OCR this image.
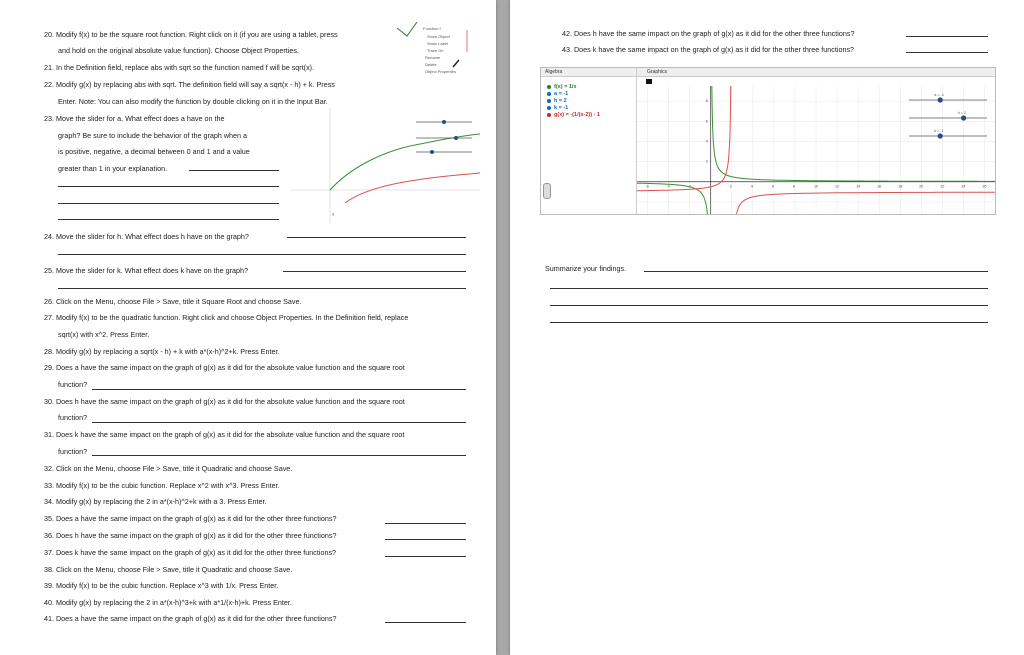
20. Modify f(x) to be the square root function. Right click on it (if you are using a tablet, press
and hold on the original absolute value function). Choose Object Properties.
21. In the Definition field, replace abs with sqrt so the function named f will be sqrt(x).
22. Modify g(x) by replacing abs with sqrt. The definition field will say a sqrt(x - h) + k. Press
Enter. Note: You can also modify the function by double clicking on it in the Input Bar.
23. Move the slider for a. What effect does a have on the
graph? Be sure to include the behavior of the graph when a
is positive, negative, a decimal between 0 and 1 and a value
greater than 1 in your explanation.
24. Move the slider for h. What effect does h have on the graph?
25. Move the slider for k. What effect does k have on the graph?
26. Click on the Menu, choose File > Save, title it Square Root and choose Save.
27. Modify f(x) to be the quadratic function. Right click and choose Object Properties. In the Definition field, replace
sqrt(x) with x^2. Press Enter.
28. Modify g(x) by replacing a sqrt(x - h) + k with a*(x-h)^2+k. Press Enter.
29. Does a have the same impact on the graph of g(x) as it did for the absolute value function and the square root
function?
30. Does h have the same impact on the graph of g(x) as it did for the absolute value function and the square root
function?
31. Does k have the same impact on the graph of g(x) as it did for the absolute value function and the square root
function?
32. Click on the Menu, choose File > Save, title it Quadratic and choose Save.
33. Modify f(x) to be the cubic function. Replace x^2 with x^3. Press Enter.
34. Modify g(x) by replacing the 2 in a*(x-h)^2+k with a 3. Press Enter.
35. Does a have the same impact on the graph of g(x) as it did for the other three functions?
36. Does h have the same impact on the graph of g(x) as it did for the other three functions?
37. Does k have the same impact on the graph of g(x) as it did for the other three functions?
38. Click on the Menu, choose File > Save, title it Quadratic and choose Save.
39. Modify f(x) to be the cubic function. Replace x^3 with 1/x. Press Enter.
40. Modify g(x) by replacing the 2 in a*(x-h)^3+k with a*1/(x-h)+k. Press Enter.
41. Does a have the same impact on the graph of g(x) as it did for the other three functions?
g
Function f
Show Object
Show Label
Trace On
Rename
Delete
Object Properties
42. Does h have the same impact on the graph of g(x) as it did for the other three functions?
43. Does k have the same impact on the graph of g(x) as it did for the other three functions?
Summarize your findings.
Algebra
f(x) = 1/x
a = -1
h = 2
k = -1
g(x) = -(1/(x-2)) - 1
Graphics
-6	-4	-2	2	4	6	8	10	12	14	16	18	20	22	24	26
8
6
4
2
a = -1
h = 2
k = -1
